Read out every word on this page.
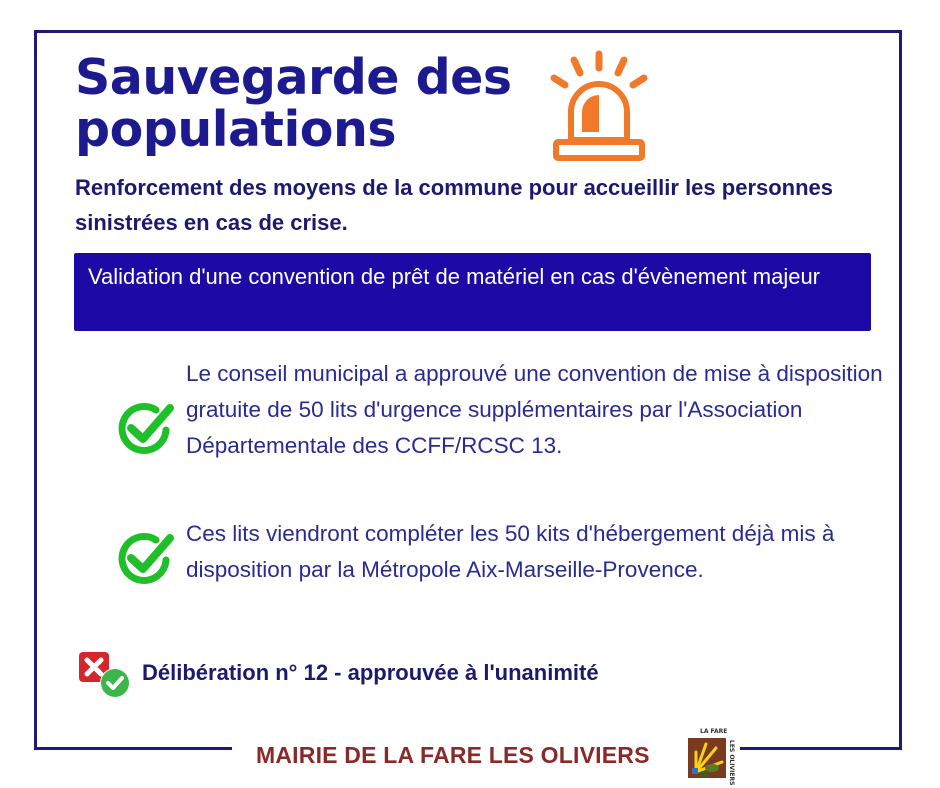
Sauvegarde des
populations

Renforcement des moyens de la commune pour accueillir les personnes sinistrées en cas de crise.

Validation d'une convention de prêt de matériel en cas d'évènement majeur

Le conseil municipal a approuvé une convention de mise à disposition gratuite de 50 lits d'urgence supplémentaires par l'Association Départementale des CCFF/RCSC 13.

Ces lits viendront compléter les 50 kits d'hébergement déjà mis à disposition par la Métropole Aix-Marseille-Provence.

Délibération n° 12 - approuvée à l'unanimité

MAIRIE DE LA FARE LES OLIVIERS

LA FARE
LES OLIVIERS
